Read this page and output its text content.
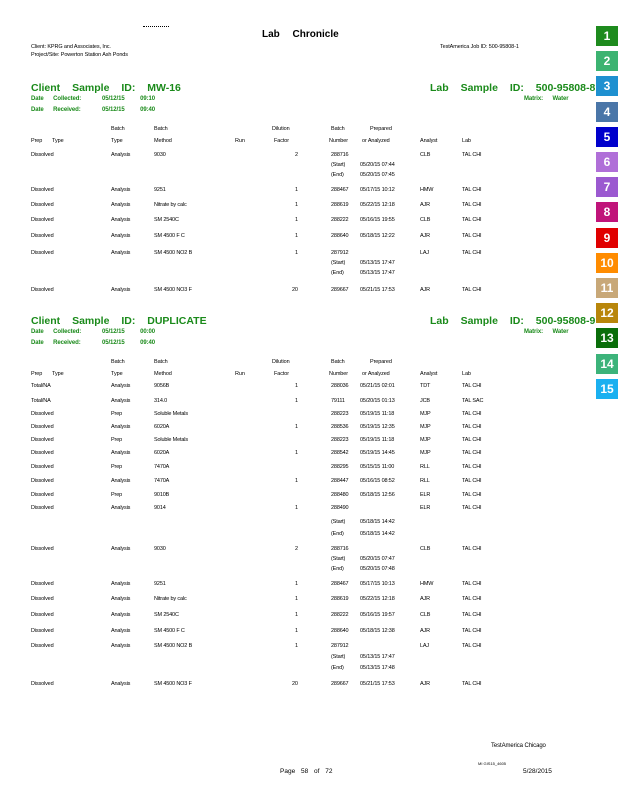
Lab Chronicle
Client: KPRG and Associates, Inc.
Project/Site: Powerton Station Ash Ponds
TestAmerica Job ID: 500-95808-1
1
2
3
4
5
6
7
8
9
10
11
12
13
14
15
Client Sample ID: MW-16	Lab Sample ID: 500-95808-8
Matrix: Water
Date Collected:	05/12/15 09:10
Date Received:	05/12/15 09:40
Batch	Batch	Dilution	Batch	Prepared
Prep Type	Type	Method	Run	Factor	Number	or Analyzed	Analyst	Lab
Dissolved	Analysis	9030	2	288716	CLB	TAL CHI
(Start)	05/20/15 07:44
(End)	05/20/15 07:45
Dissolved	Analysis	9251	1	288467 05/17/15 10:12	HMW	TAL CHI
Dissolved	Analysis	Nitrate by calc	1	288619 05/22/15 12:18	AJR	TAL CHI
Dissolved	Analysis	SM 2540C	1	288222 05/16/15 19:55	CLB	TAL CHI
Dissolved	Analysis	SM 4500 F C	1	288640 05/18/15 12:22	AJR	TAL CHI
Dissolved	Analysis	SM 4500 NO2 B	1	287912	LAJ	TAL CHI
(Start)	05/13/15 17:47
(End)	05/13/15 17:47
Dissolved	Analysis	SM 4500 NO3 F	20	289667 05/21/15 17:53	AJR	TAL CHI
Client Sample ID: DUPLICATE	Lab Sample ID: 500-95808-9
Matrix: Water
Date Collected:	05/12/15 00:00
Date Received:	05/12/15 09:40
Batch	Batch	Dilution	Batch	Prepared
Prep Type	Type	Method	Run	Factor	Number	or Analyzed	Analyst	Lab
Total/NA	Analysis	9056B	1	288036 05/21/15 02:01	TDT	TAL CHI
Total/NA	Analysis	314.0	1	79111	05/20/15 01:13	JCB	TAL SAC
Dissolved	Prep	Soluble Metals	288223 05/19/15 11:18	MJP	TAL CHI
Dissolved	Analysis	6020A	1	288536 05/19/15 12:35	MJP	TAL CHI
Dissolved	Prep	Soluble Metals	288223 05/19/15 11:18	MJP	TAL CHI
Dissolved	Analysis	6020A	1	288542 05/19/15 14:45	MJP	TAL CHI
Dissolved	Prep	7470A	288295 05/15/15 11:00	RLL	TAL CHI
Dissolved	Analysis	7470A	1	288447 05/16/15 08:52	RLL	TAL CHI
Dissolved	Prep	9010B	288480 05/18/15 12:56	ELR	TAL CHI
Dissolved	Analysis	9014	1	288490	ELR	TAL CHI
(Start)	05/18/15 14:42
(End)	05/18/15 14:42
Dissolved	Analysis	9030	2	288716	CLB	TAL CHI
(Start)	05/20/15 07:47
(End)	05/20/15 07:48
Dissolved	Analysis	9251	1	288467 05/17/15 10:13	HMW	TAL CHI
Dissolved	Analysis	Nitrate by calc	1	288619 05/22/15 12:18	AJR	TAL CHI
Dissolved	Analysis	SM 2540C	1	288222 05/16/15 19:57	CLB	TAL CHI
Dissolved	Analysis	SM 4500 F C	1	288640 05/18/15 12:38	AJR	TAL CHI
Dissolved	Analysis	SM 4500 NO2 B	1	287912	LAJ	TAL CHI
(Start)	05/13/15 17:47
(End)	05/13/15 17:48
Dissolved	Analysis	SM 4500 NO3 F	20	289667 05/21/15 17:53	AJR	TAL CHI
TestAmerica Chicago
MI GIS15_4605
Page 58 of 72	5/28/2015
